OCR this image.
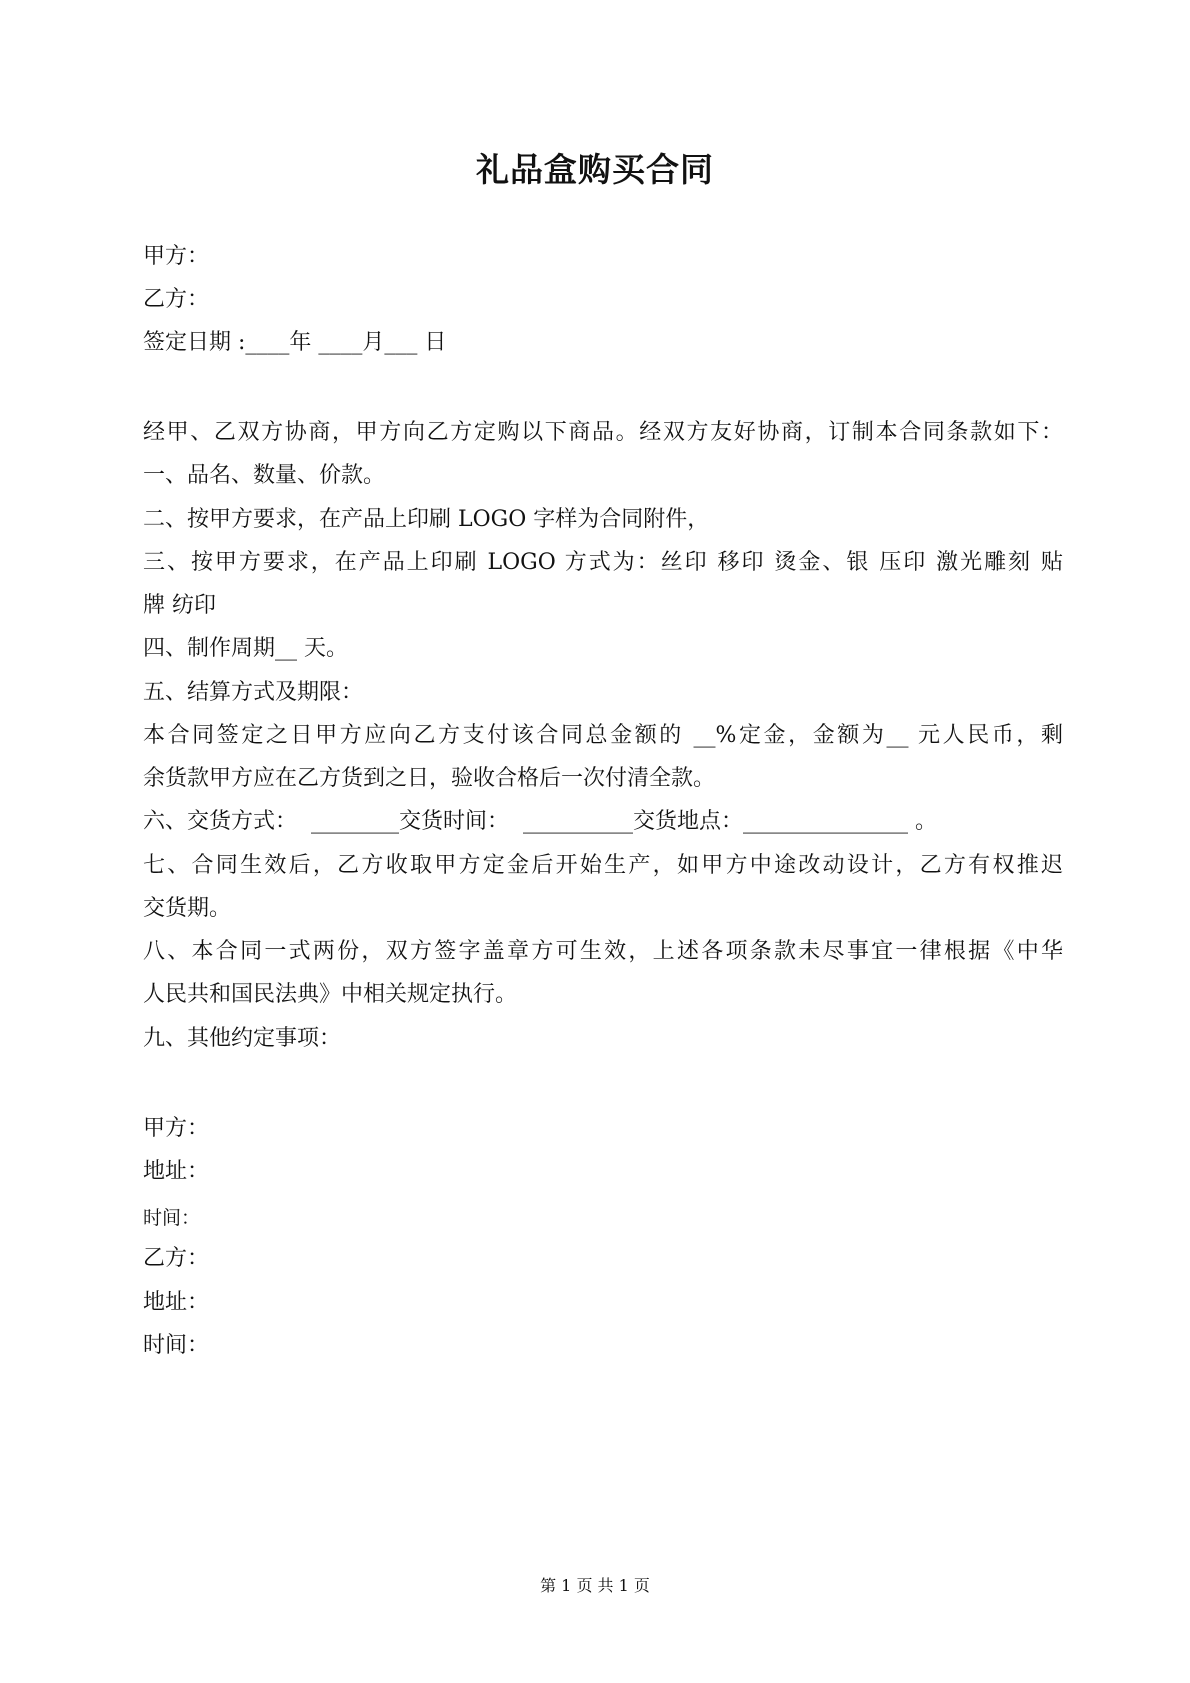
礼品盒购买合同
甲方：
乙方：
签定日期 :____年 ____月___ 日
经甲、乙双方协商，甲方向乙方定购以下商品。经双方友好协商，订制本合同条款如下：
一、品名、数量、价款。
二、按甲方要求，在产品上印刷 LOGO 字样为合同附件，
三、按甲方要求，在产品上印刷 LOGO 方式为：丝印 移印 烫金、银 压印 激光雕刻 贴
牌 纺印
四、制作周期__ 天。
五、结算方式及期限：
本合同签定之日甲方应向乙方支付该合同总金额的 __%定金，金额为__ 元人民币，剩
余货款甲方应在乙方货到之日，验收合格后一次付清全款。
六、交货方式：  ________交货时间：  __________交货地点：_______________ 。
七、合同生效后，乙方收取甲方定金后开始生产，如甲方中途改动设计，乙方有权推迟
交货期。
八、本合同一式两份，双方签字盖章方可生效，上述各项条款未尽事宜一律根据《中华
人民共和国民法典》中相关规定执行。
九、其他约定事项：
甲方：
地址：
时间：
乙方：
地址：
时间：
第 1 页 共 1 页
